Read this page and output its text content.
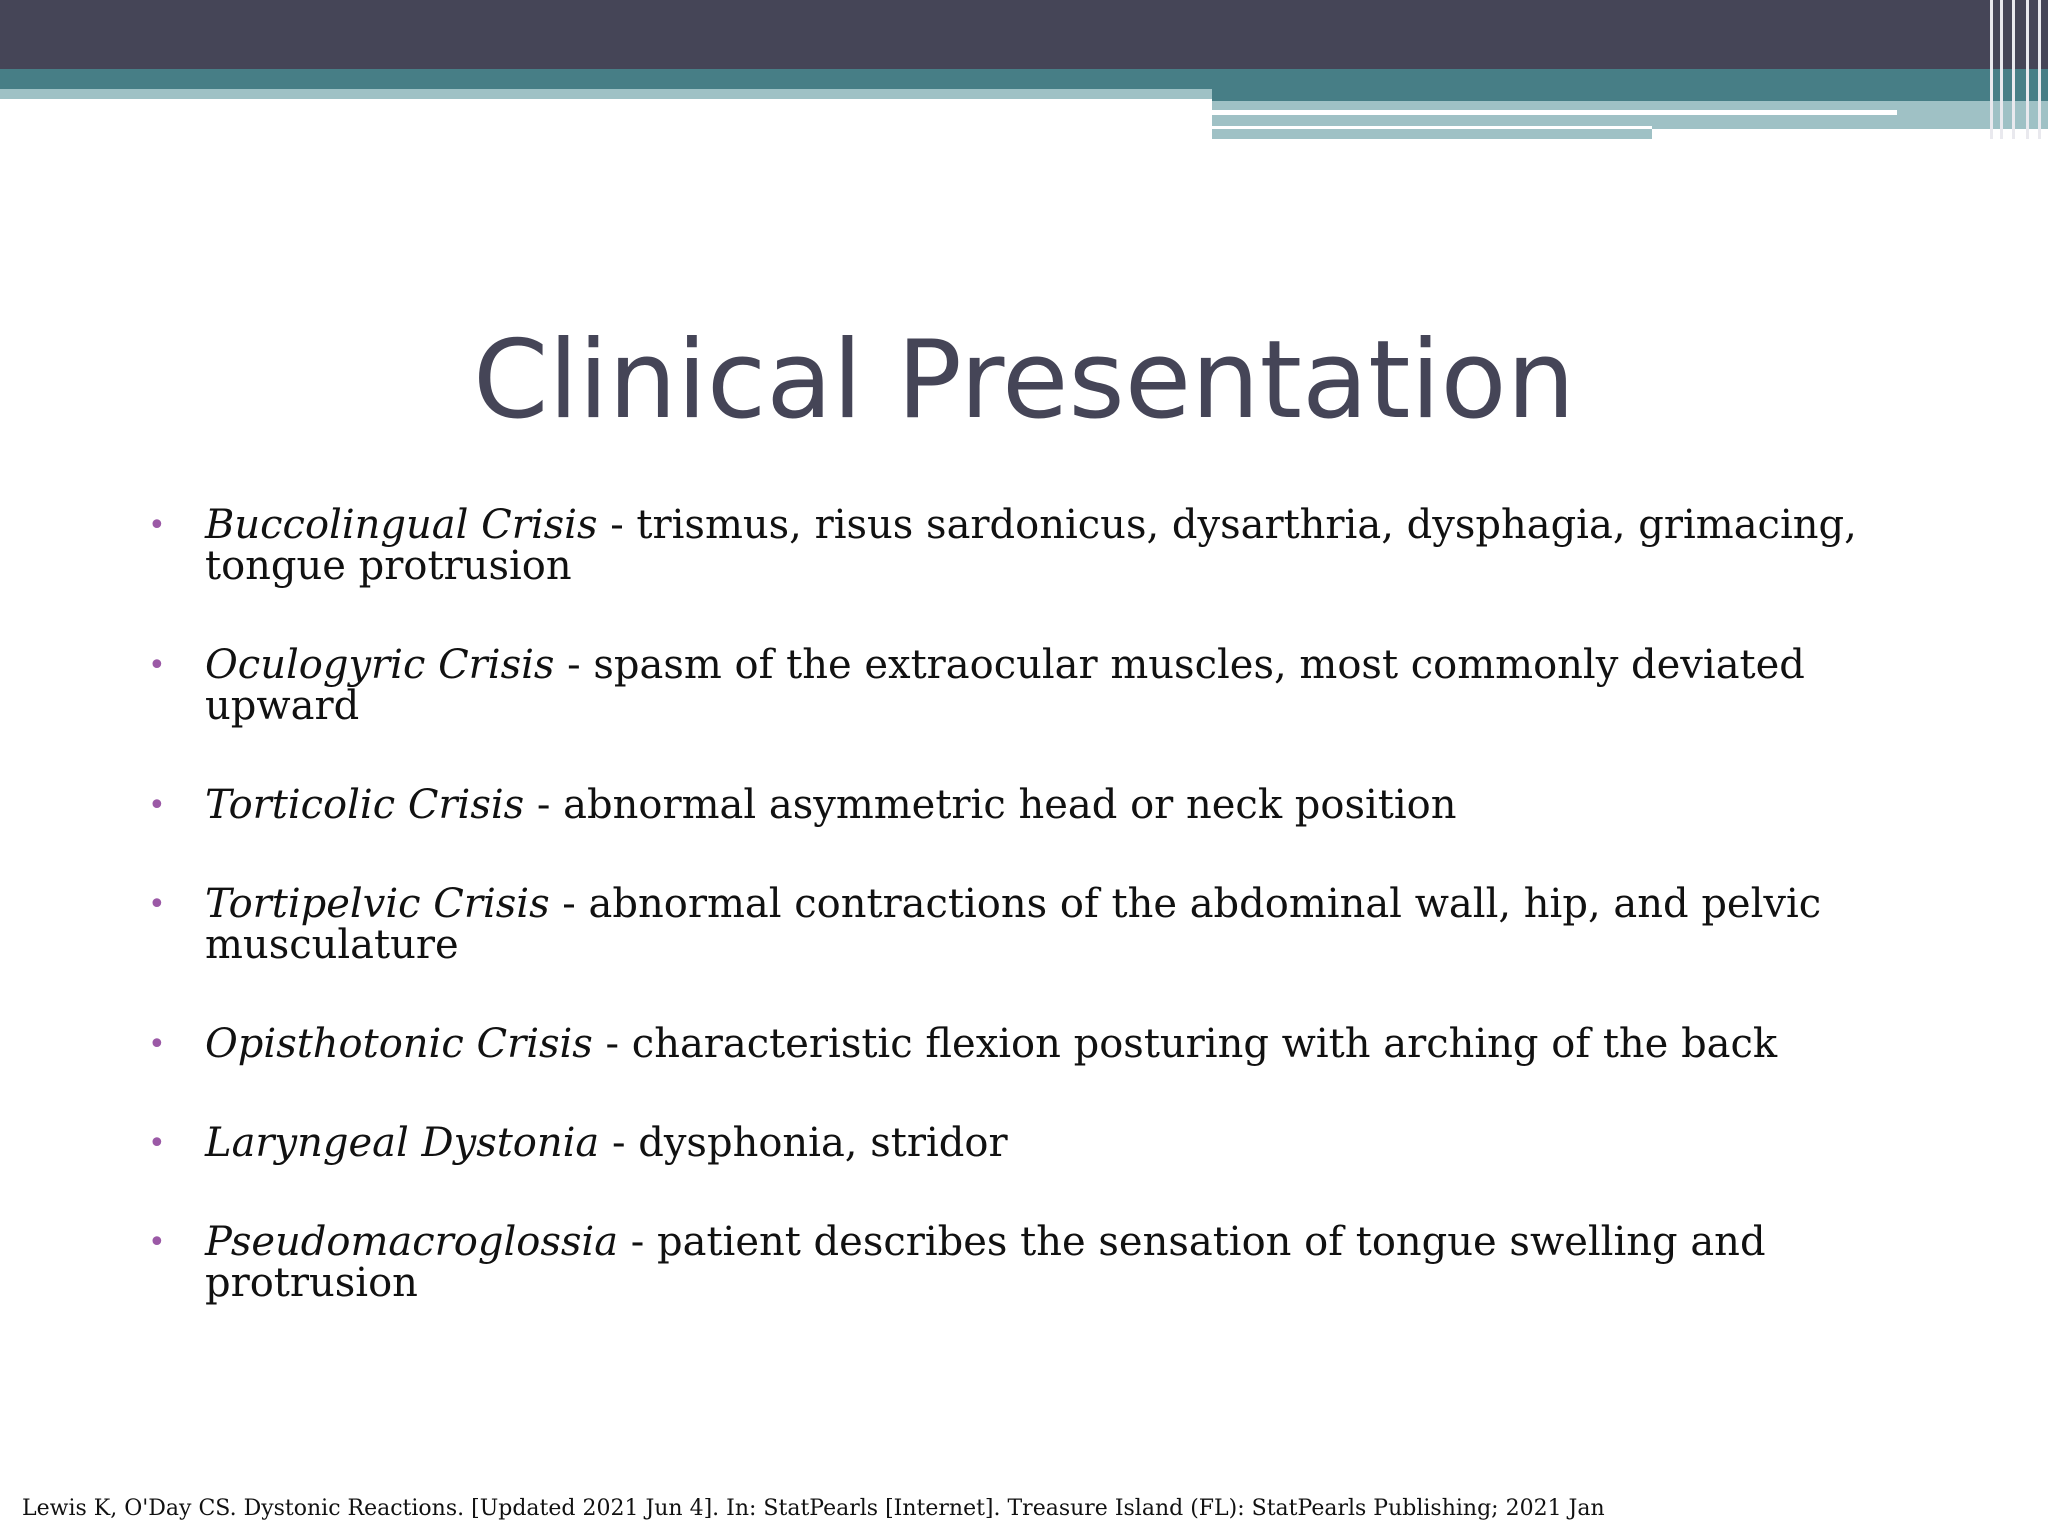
Clinical Presentation
• Buccolingual Crisis - trismus, risus sardonicus, dysarthria, dysphagia, grimacing, tongue protrusion
• Oculogyric Crisis - spasm of the extraocular muscles, most commonly deviated upward
• Torticolic Crisis - abnormal asymmetric head or neck position
• Tortipelvic Crisis - abnormal contractions of the abdominal wall, hip, and pelvic musculature
• Opisthotonic Crisis - characteristic flexion posturing with arching of the back
• Laryngeal Dystonia - dysphonia, stridor
• Pseudomacroglossia - patient describes the sensation of tongue swelling and protrusion
Lewis K, O'Day CS. Dystonic Reactions. [Updated 2021 Jun 4]. In: StatPearls [Internet]. Treasure Island (FL): StatPearls Publishing; 2021 Jan
